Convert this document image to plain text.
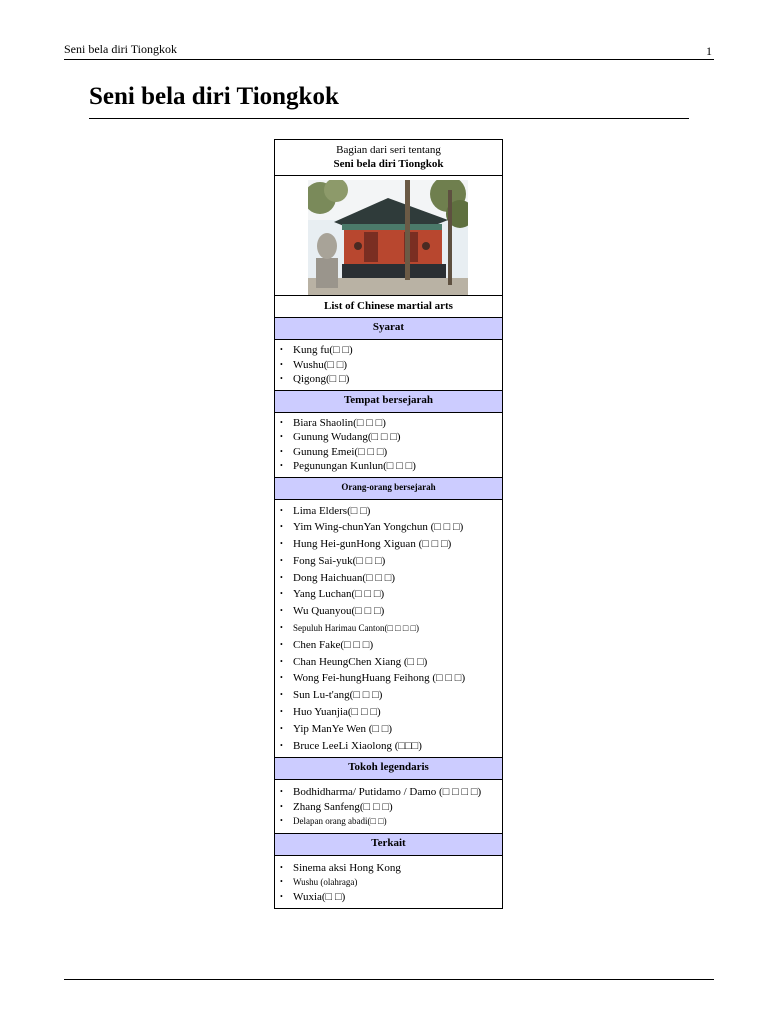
Seni bela diri Tiongkok	1
Seni bela diri Tiongkok
Bagian dari seri tentang
Seni bela diri Tiongkok
List of Chinese martial arts
Syarat
• Kung fu(□ □)
• Wushu(□ □)
• Qigong(□ □)
Tempat bersejarah
• Biara Shaolin(□ □ □)
• Gunung Wudang(□ □ □)
• Gunung Emei(□ □ □)
• Pegunungan Kunlun(□ □ □)
Orang-orang bersejarah
• Lima Elders(□ □)
• Yim Wing-chunYan Yongchun (□ □ □)
• Hung Hei-gunHong Xiguan (□ □ □)
• Fong Sai-yuk(□ □ □)
• Dong Haichuan(□ □ □)
• Yang Luchan(□ □ □)
• Wu Quanyou(□ □ □)
• Sepuluh Harimau Canton(□ □ □ □)
• Chen Fake(□ □ □)
• Chan HeungChen Xiang (□ □)
• Wong Fei-hungHuang Feihong (□ □ □)
• Sun Lu-t'ang(□ □ □)
• Huo Yuanjia(□ □ □)
• Yip ManYe Wen (□ □)
• Bruce LeeLi Xiaolong (□□□)
Tokoh legendaris
• Bodhidharma/ Putidamo / Damo (□ □ □ □)
• Zhang Sanfeng(□ □ □)
• Delapan orang abadi(□ □)
Terkait
• Sinema aksi Hong Kong
• Wushu (olahraga)
• Wuxia(□ □)
